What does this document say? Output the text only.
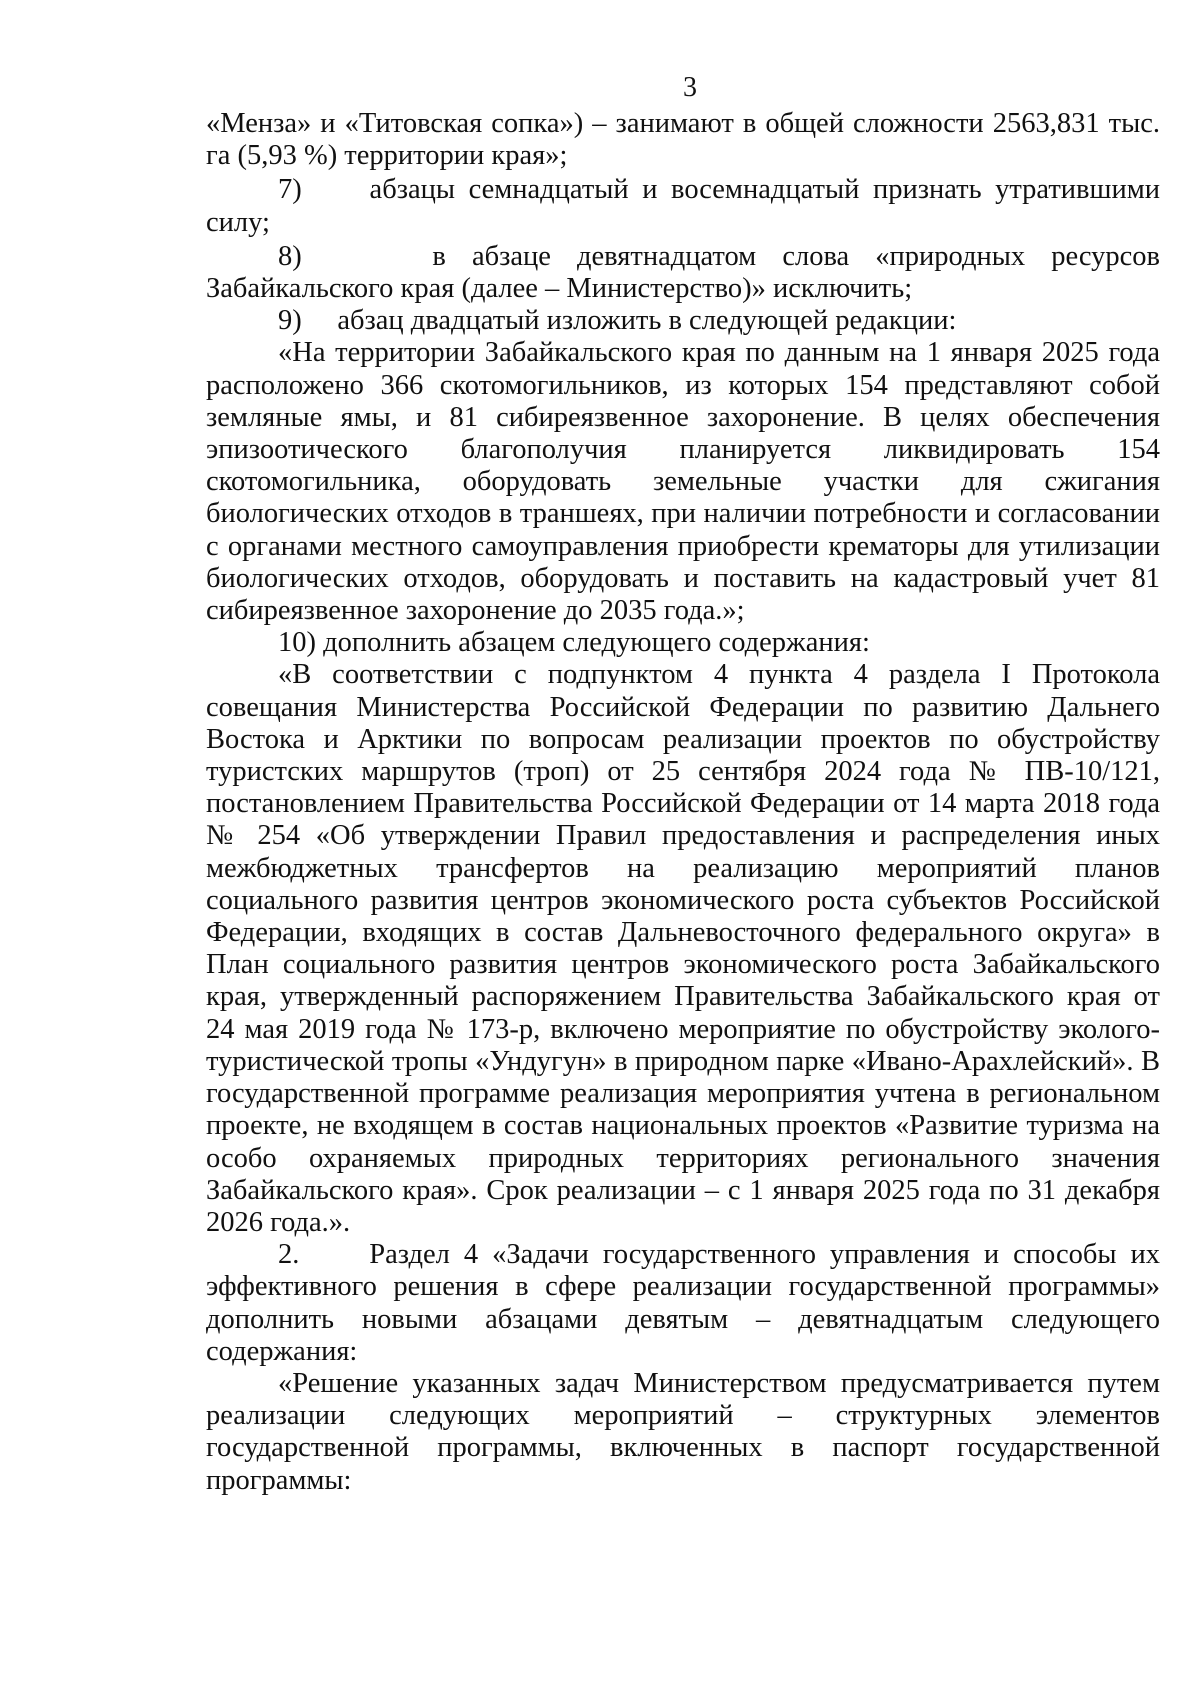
3

«Менза» и «Титовская сопка») – занимают в общей сложности 2563,831 тыс. га (5,93 %) территории края»;

7)     абзацы семнадцатый и восемнадцатый признать утратившими силу;

8)     в абзаце девятнадцатом слова «природных ресурсов Забайкальского края (далее – Министерство)» исключить;

9)     абзац двадцатый изложить в следующей редакции:

«На территории Забайкальского края по данным на 1 января 2025 года расположено 366 скотомогильников, из которых 154 представляют собой земляные ямы, и 81 сибиреязвенное захоронение. В целях обеспечения эпизоотического благополучия планируется ликвидировать 154 скотомогильника, оборудовать земельные участки для сжигания биологических отходов в траншеях, при наличии потребности и согласовании с органами местного самоуправления приобрести крематоры для утилизации биологических отходов, оборудовать и поставить на кадастровый учет 81 сибиреязвенное захоронение до 2035 года.»;

10) дополнить абзацем следующего содержания:

«В соответствии с подпунктом 4 пункта 4 раздела I Протокола совещания Министерства Российской Федерации по развитию Дальнего Востока и Арктики по вопросам реализации проектов по обустройству туристских маршрутов (троп) от 25 сентября 2024 года № ПВ-10/121, постановлением Правительства Российской Федерации от 14 марта 2018 года № 254 «Об утверждении Правил предоставления и распределения иных межбюджетных трансфертов на реализацию мероприятий планов социального развития центров экономического роста субъектов Российской Федерации, входящих в состав Дальневосточного федерального округа» в План социального развития центров экономического роста Забайкальского края, утвержденный распоряжением Правительства Забайкальского края от 24 мая 2019 года № 173-р, включено мероприятие по обустройству эколого-туристической тропы «Ундугун» в природном парке «Ивано-Арахлейский». В государственной программе реализация мероприятия учтена в региональном проекте, не входящем в состав национальных проектов «Развитие туризма на особо охраняемых природных территориях регионального значения Забайкальского края». Срок реализации – с 1 января 2025 года по 31 декабря 2026 года.».

2.     Раздел 4 «Задачи государственного управления и способы их эффективного решения в сфере реализации государственной программы» дополнить новыми абзацами девятым – девятнадцатым следующего содержания:

«Решение указанных задач Министерством предусматривается путем реализации следующих мероприятий – структурных элементов государственной программы, включенных в паспорт государственной программы:
